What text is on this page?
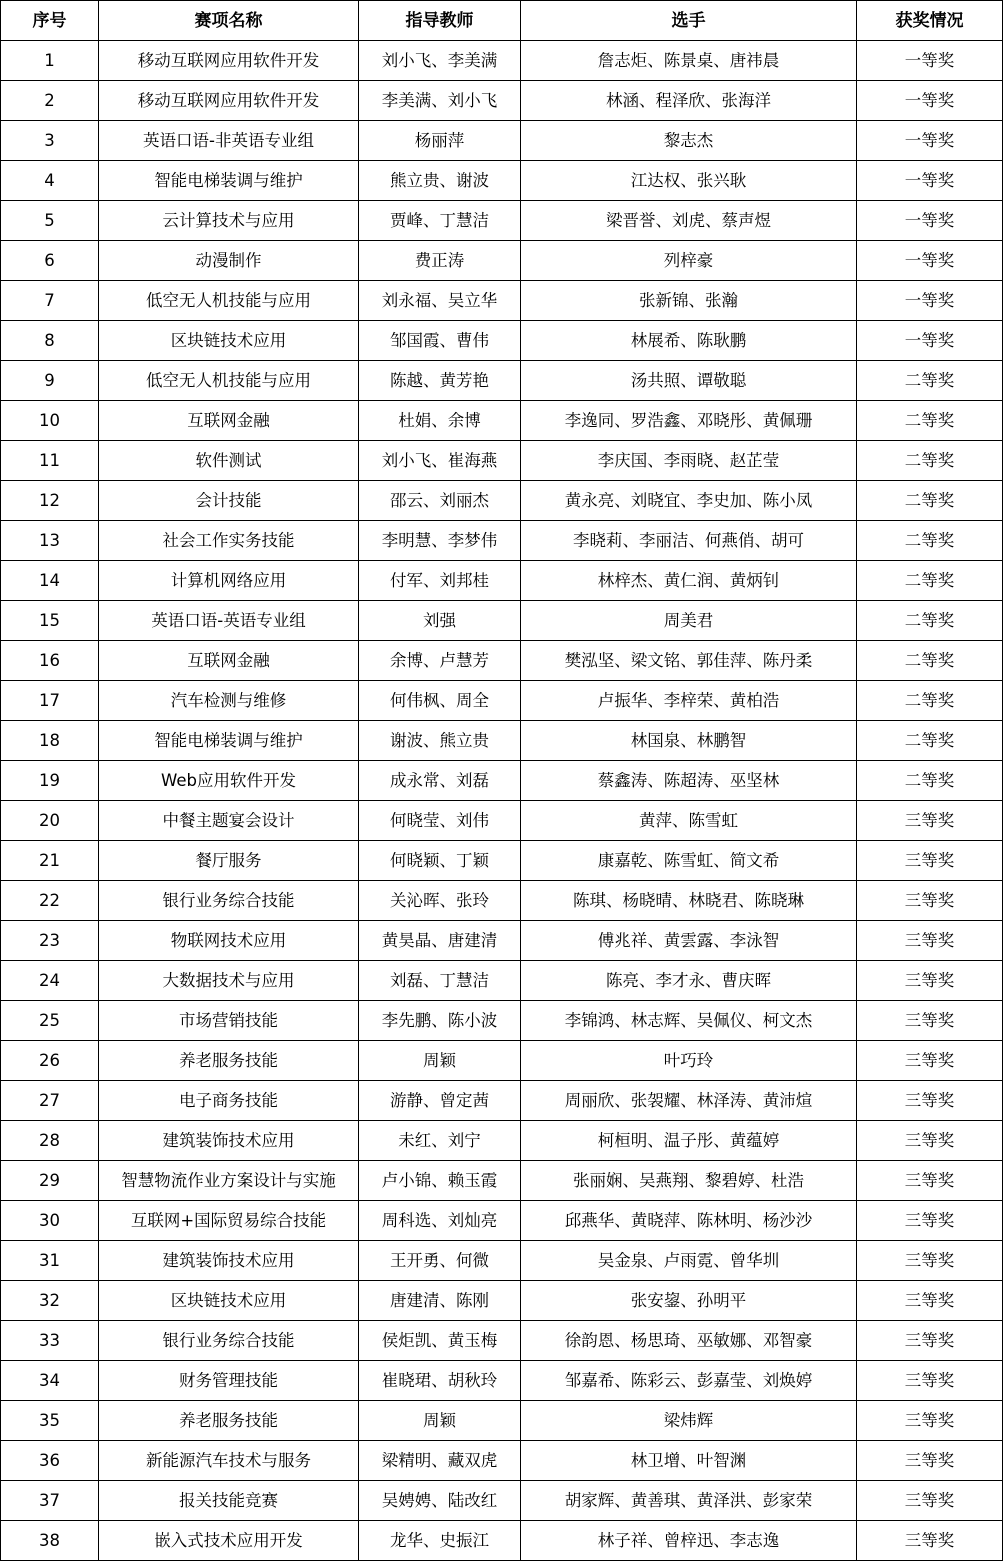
序号	赛项名称	指导教师	选手	获奖情况
1	移动互联网应用软件开发	刘小飞、李美满	詹志炬、陈景桌、唐祎晨	一等奖
2	移动互联网应用软件开发	李美满、刘小飞	林涵、程泽欣、张海洋	一等奖
3	英语口语-非英语专业组	杨丽萍	黎志杰	一等奖
4	智能电梯装调与维护	熊立贵、谢波	江达权、张兴耿	一等奖
5	云计算技术与应用	贾峰、丁慧洁	梁晋誉、刘虎、蔡声煜	一等奖
6	动漫制作	费正涛	列梓豪	一等奖
7	低空无人机技能与应用	刘永福、吴立华	张新锦、张瀚	一等奖
8	区块链技术应用	邹国霞、曹伟	林展希、陈耿鹏	一等奖
9	低空无人机技能与应用	陈越、黄芳艳	汤共照、谭敬聪	二等奖
10	互联网金融	杜娟、余博	李逸同、罗浩鑫、邓晓彤、黄佩珊	二等奖
11	软件测试	刘小飞、崔海燕	李庆国、李雨晓、赵芷莹	二等奖
12	会计技能	邵云、刘丽杰	黄永亮、刘晓宜、李史加、陈小凤	二等奖
13	社会工作实务技能	李明慧、李梦伟	李晓莉、李丽洁、何燕俏、胡可	二等奖
14	计算机网络应用	付军、刘邦桂	林梓杰、黄仁润、黄炳钊	二等奖
15	英语口语-英语专业组	刘强	周美君	二等奖
16	互联网金融	余博、卢慧芳	樊泓坚、梁文铭、郭佳萍、陈丹柔	二等奖
17	汽车检测与维修	何伟枫、周全	卢振华、李梓荣、黄柏浩	二等奖
18	智能电梯装调与维护	谢波、熊立贵	林国泉、林鹏智	二等奖
19	Web应用软件开发	成永常、刘磊	蔡鑫涛、陈超涛、巫坚林	二等奖
20	中餐主题宴会设计	何晓莹、刘伟	黄萍、陈雪虹	三等奖
21	餐厅服务	何晓颖、丁颖	康嘉乾、陈雪虹、简文希	三等奖
22	银行业务综合技能	关沁晖、张玲	陈琪、杨晓晴、林晓君、陈晓琳	三等奖
23	物联网技术应用	黄昊晶、唐建清	傅兆祥、黄雲露、李泳智	三等奖
24	大数据技术与应用	刘磊、丁慧洁	陈亮、李才永、曹庆晖	三等奖
25	市场营销技能	李先鹏、陈小波	李锦鸿、林志辉、吴佩仪、柯文杰	三等奖
26	养老服务技能	周颖	叶巧玲	三等奖
27	电子商务技能	游静、曾定茜	周丽欣、张袈耀、林泽涛、黄沛煊	三等奖
28	建筑装饰技术应用	未红、刘宁	柯桓明、温子彤、黄蕴婷	三等奖
29	智慧物流作业方案设计与实施	卢小锦、赖玉霞	张丽娴、吴燕翔、黎碧婷、杜浩	三等奖
30	互联网+国际贸易综合技能	周科选、刘灿亮	邱燕华、黄晓萍、陈林明、杨沙沙	三等奖
31	建筑装饰技术应用	王开勇、何微	吴金泉、卢雨霓、曾华圳	三等奖
32	区块链技术应用	唐建清、陈刚	张安鋆、孙明平	三等奖
33	银行业务综合技能	侯炬凯、黄玉梅	徐韵恩、杨思琦、巫敏娜、邓智豪	三等奖
34	财务管理技能	崔晓珺、胡秋玲	邹嘉希、陈彩云、彭嘉莹、刘焕婷	三等奖
35	养老服务技能	周颖	梁炜辉	三等奖
36	新能源汽车技术与服务	梁精明、藏双虎	林卫增、叶智渊	三等奖
37	报关技能竞赛	吴娉娉、陆改红	胡家辉、黄善琪、黄泽洪、彭家荣	三等奖
38	嵌入式技术应用开发	龙华、史振江	林子祥、曾梓迅、李志逸	三等奖
